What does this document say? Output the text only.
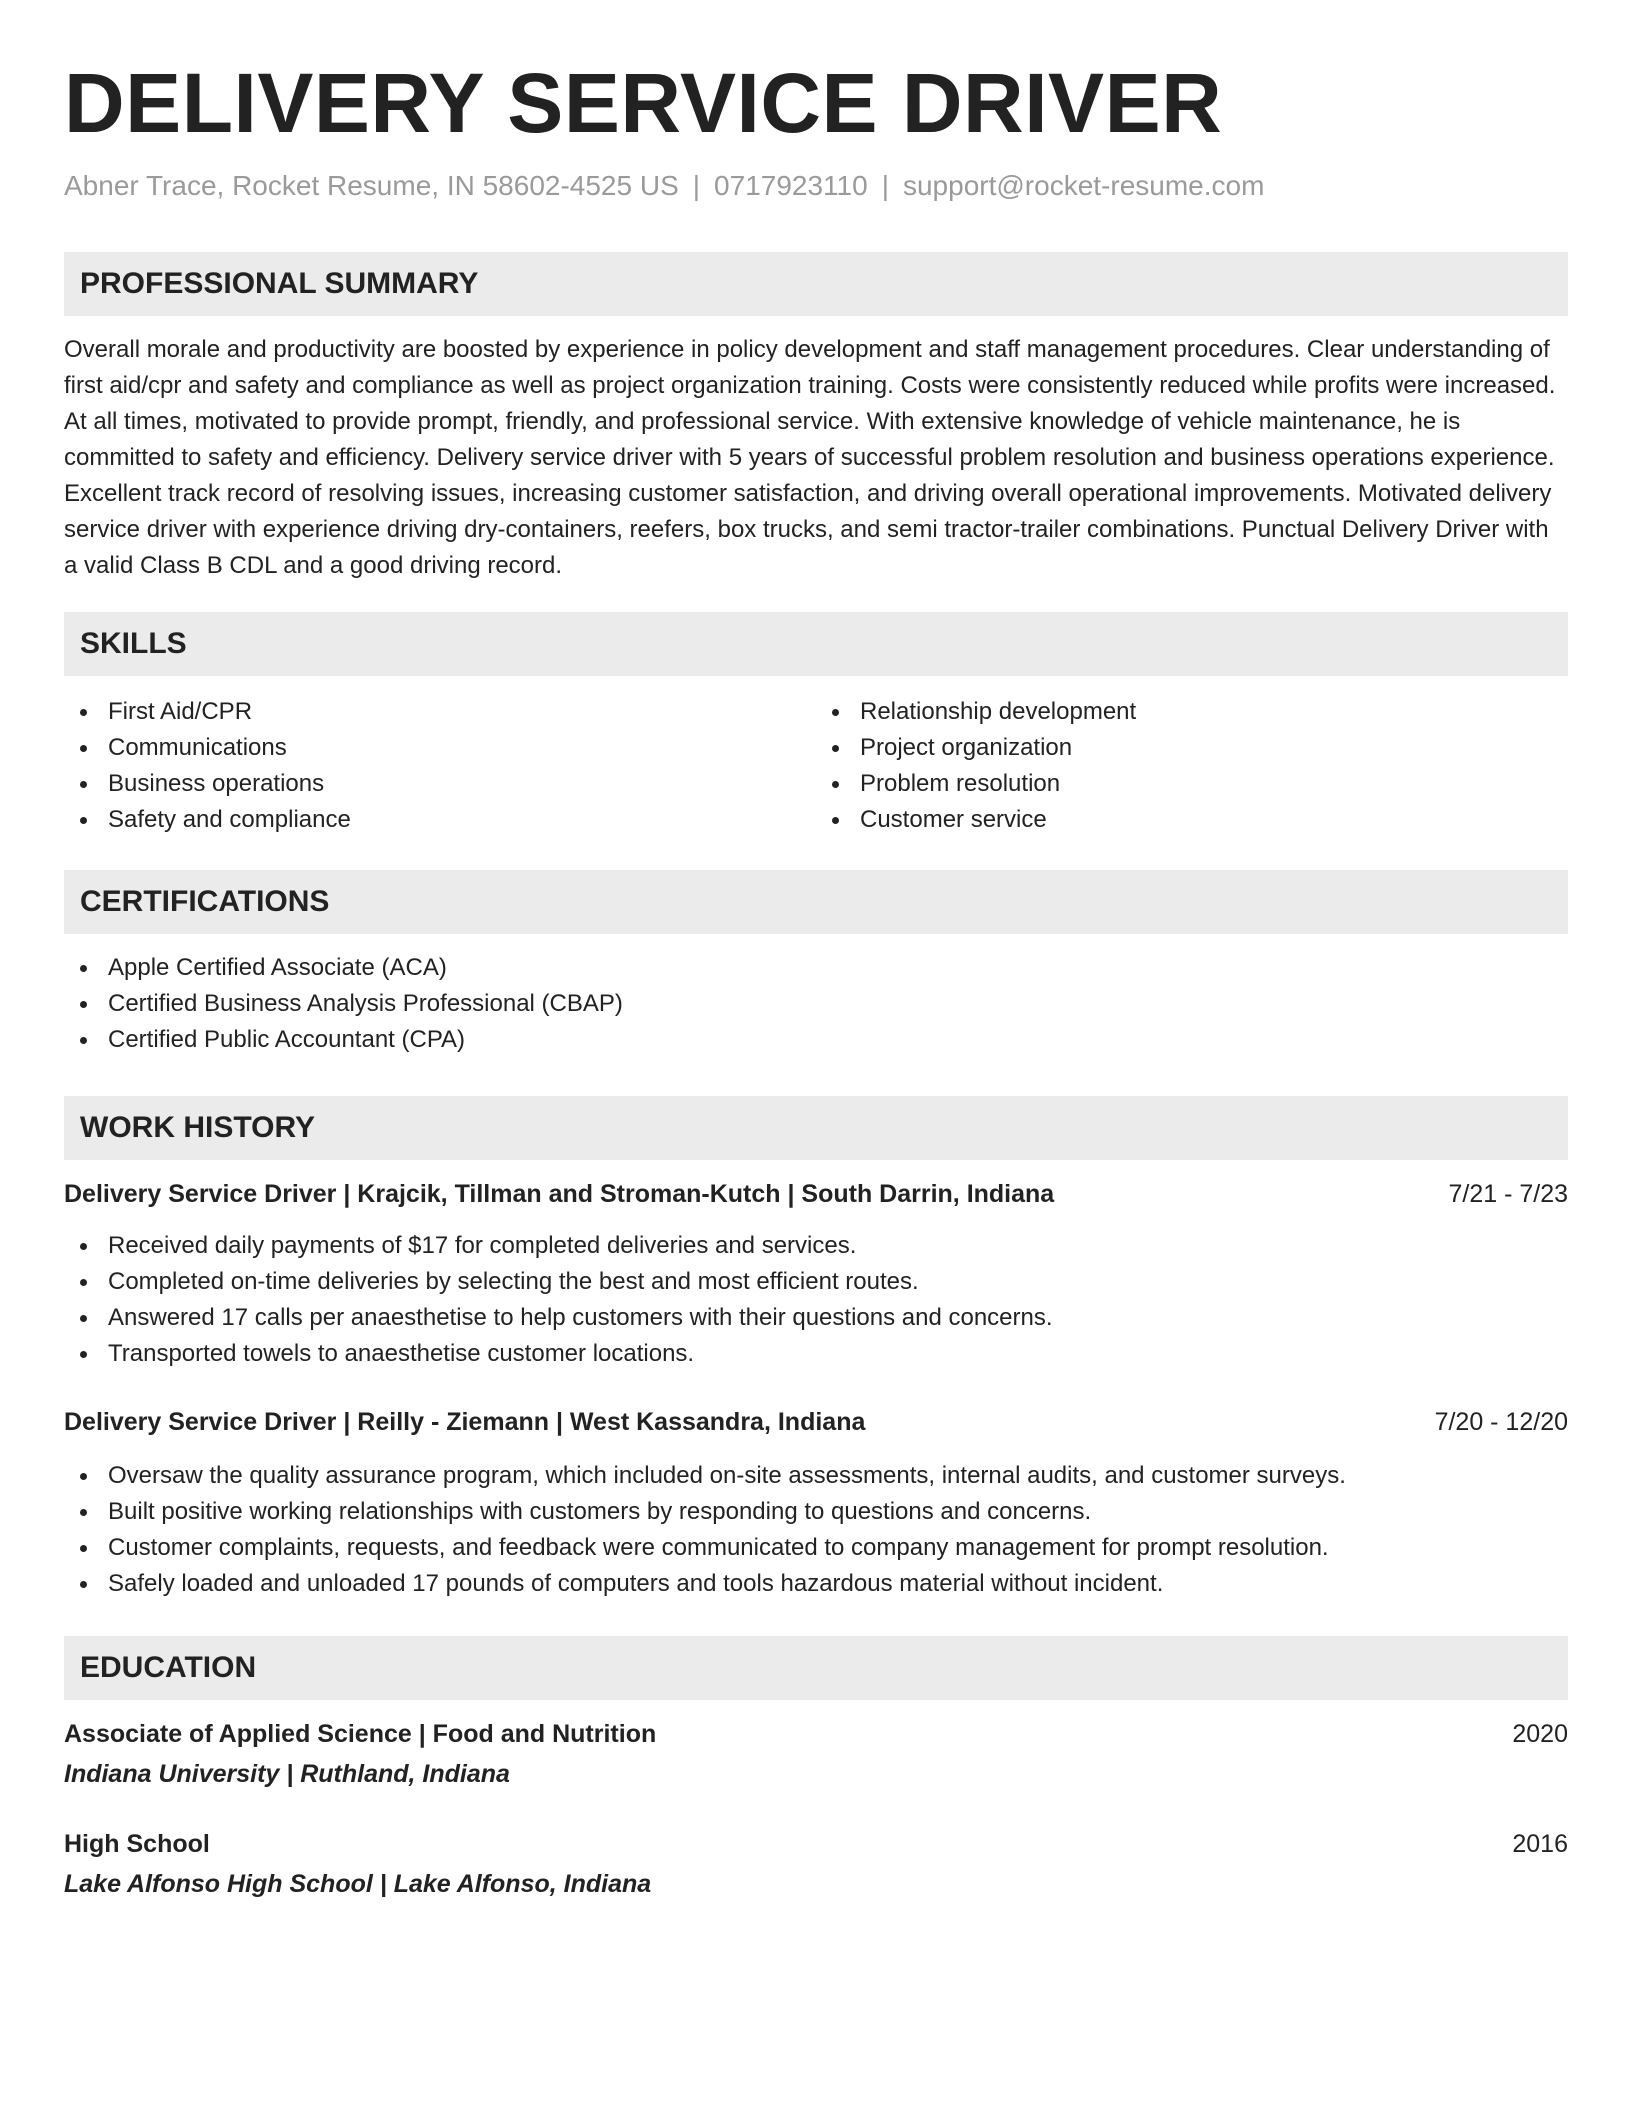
DELIVERY SERVICE DRIVER
Abner Trace, Rocket Resume, IN 58602-4525 US | 0717923110 | support@rocket-resume.com
PROFESSIONAL SUMMARY

Overall morale and productivity are boosted by experience in policy development and staff management procedures. Clear understanding of first aid/cpr and safety and compliance as well as project organization training. Costs were consistently reduced while profits were increased. At all times, motivated to provide prompt, friendly, and professional service. With extensive knowledge of vehicle maintenance, he is committed to safety and efficiency. Delivery service driver with 5 years of successful problem resolution and business operations experience. Excellent track record of resolving issues, increasing customer satisfaction, and driving overall operational improvements. Motivated delivery service driver with experience driving dry-containers, reefers, box trucks, and semi tractor-trailer combinations. Punctual Delivery Driver with a valid Class B CDL and a good driving record.

SKILLS
First Aid/CPR
Communications
Business operations
Safety and compliance
Relationship development
Project organization
Problem resolution
Customer service
CERTIFICATIONS
Apple Certified Associate (ACA)
Certified Business Analysis Professional (CBAP)
Certified Public Accountant (CPA)
WORK HISTORY
Delivery Service Driver | Krajcik, Tillman and Stroman-Kutch | South Darrin, Indiana	7/21 - 7/23
Received daily payments of $17 for completed deliveries and services.
Completed on-time deliveries by selecting the best and most efficient routes.
Answered 17 calls per anaesthetise to help customers with their questions and concerns.
Transported towels to anaesthetise customer locations.
Delivery Service Driver | Reilly - Ziemann | West Kassandra, Indiana	7/20 - 12/20
Oversaw the quality assurance program, which included on-site assessments, internal audits, and customer surveys.
Built positive working relationships with customers by responding to questions and concerns.
Customer complaints, requests, and feedback were communicated to company management for prompt resolution.
Safely loaded and unloaded 17 pounds of computers and tools hazardous material without incident.
EDUCATION
Associate of Applied Science | Food and Nutrition	2020
Indiana University | Ruthland, Indiana
High School	2016
Lake Alfonso High School | Lake Alfonso, Indiana
